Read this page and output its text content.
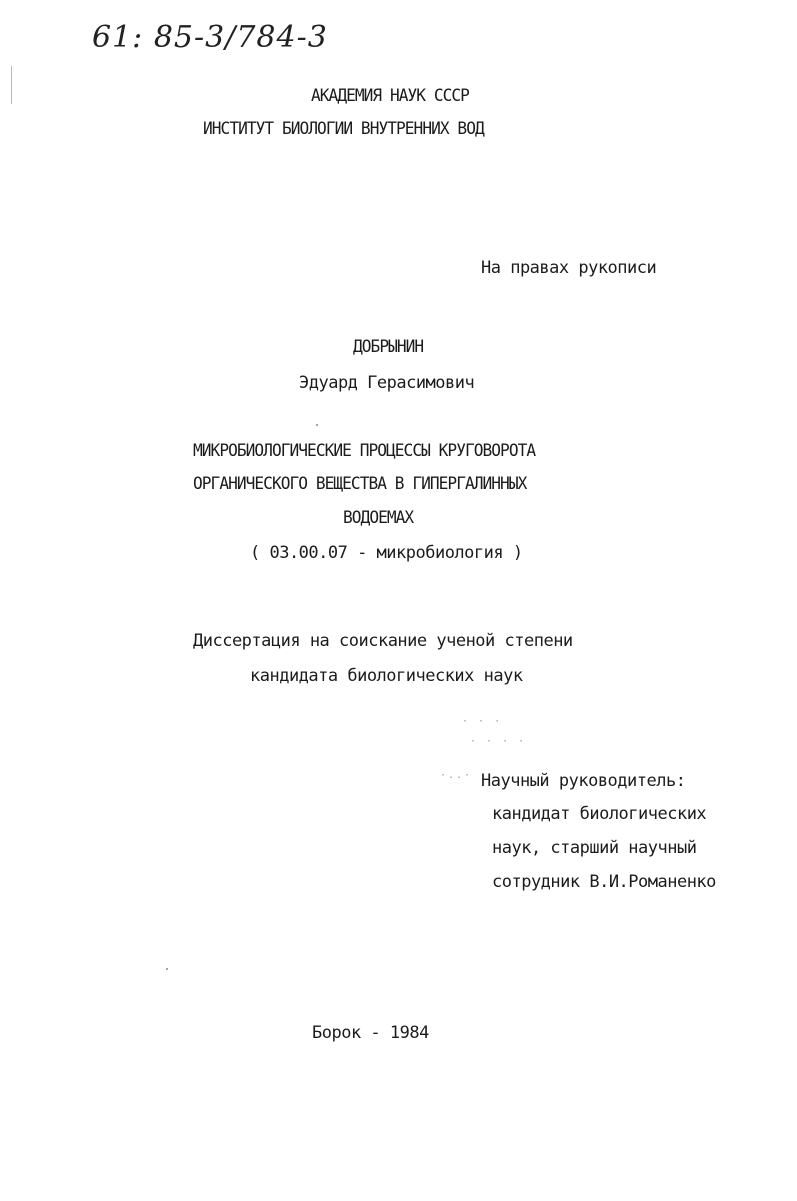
61: 85-3/784-3
АКАДЕМИЯ НАУК СССР
ИНСТИТУТ БИОЛОГИИ ВНУТРЕННИХ ВОД
На правах рукописи
ДОБРЫНИН
Эдуард Герасимович
МИКРОБИОЛОГИЧЕСКИЕ ПРОЦЕССЫ КРУГОВОРОТА
ОРГАНИЧЕСКОГО ВЕЩЕСТВА В ГИПЕРГАЛИННЫХ
ВОДОЕМАХ
( 03.00.07 - микробиология )
Диссертация на соискание ученой степени
кандидата биологических наук
· · ·
· · · ·
·..· Научный руководитель:
кандидат биологических
наук, старший научный
сотрудник В.И.Романенко
Борок - 1984
